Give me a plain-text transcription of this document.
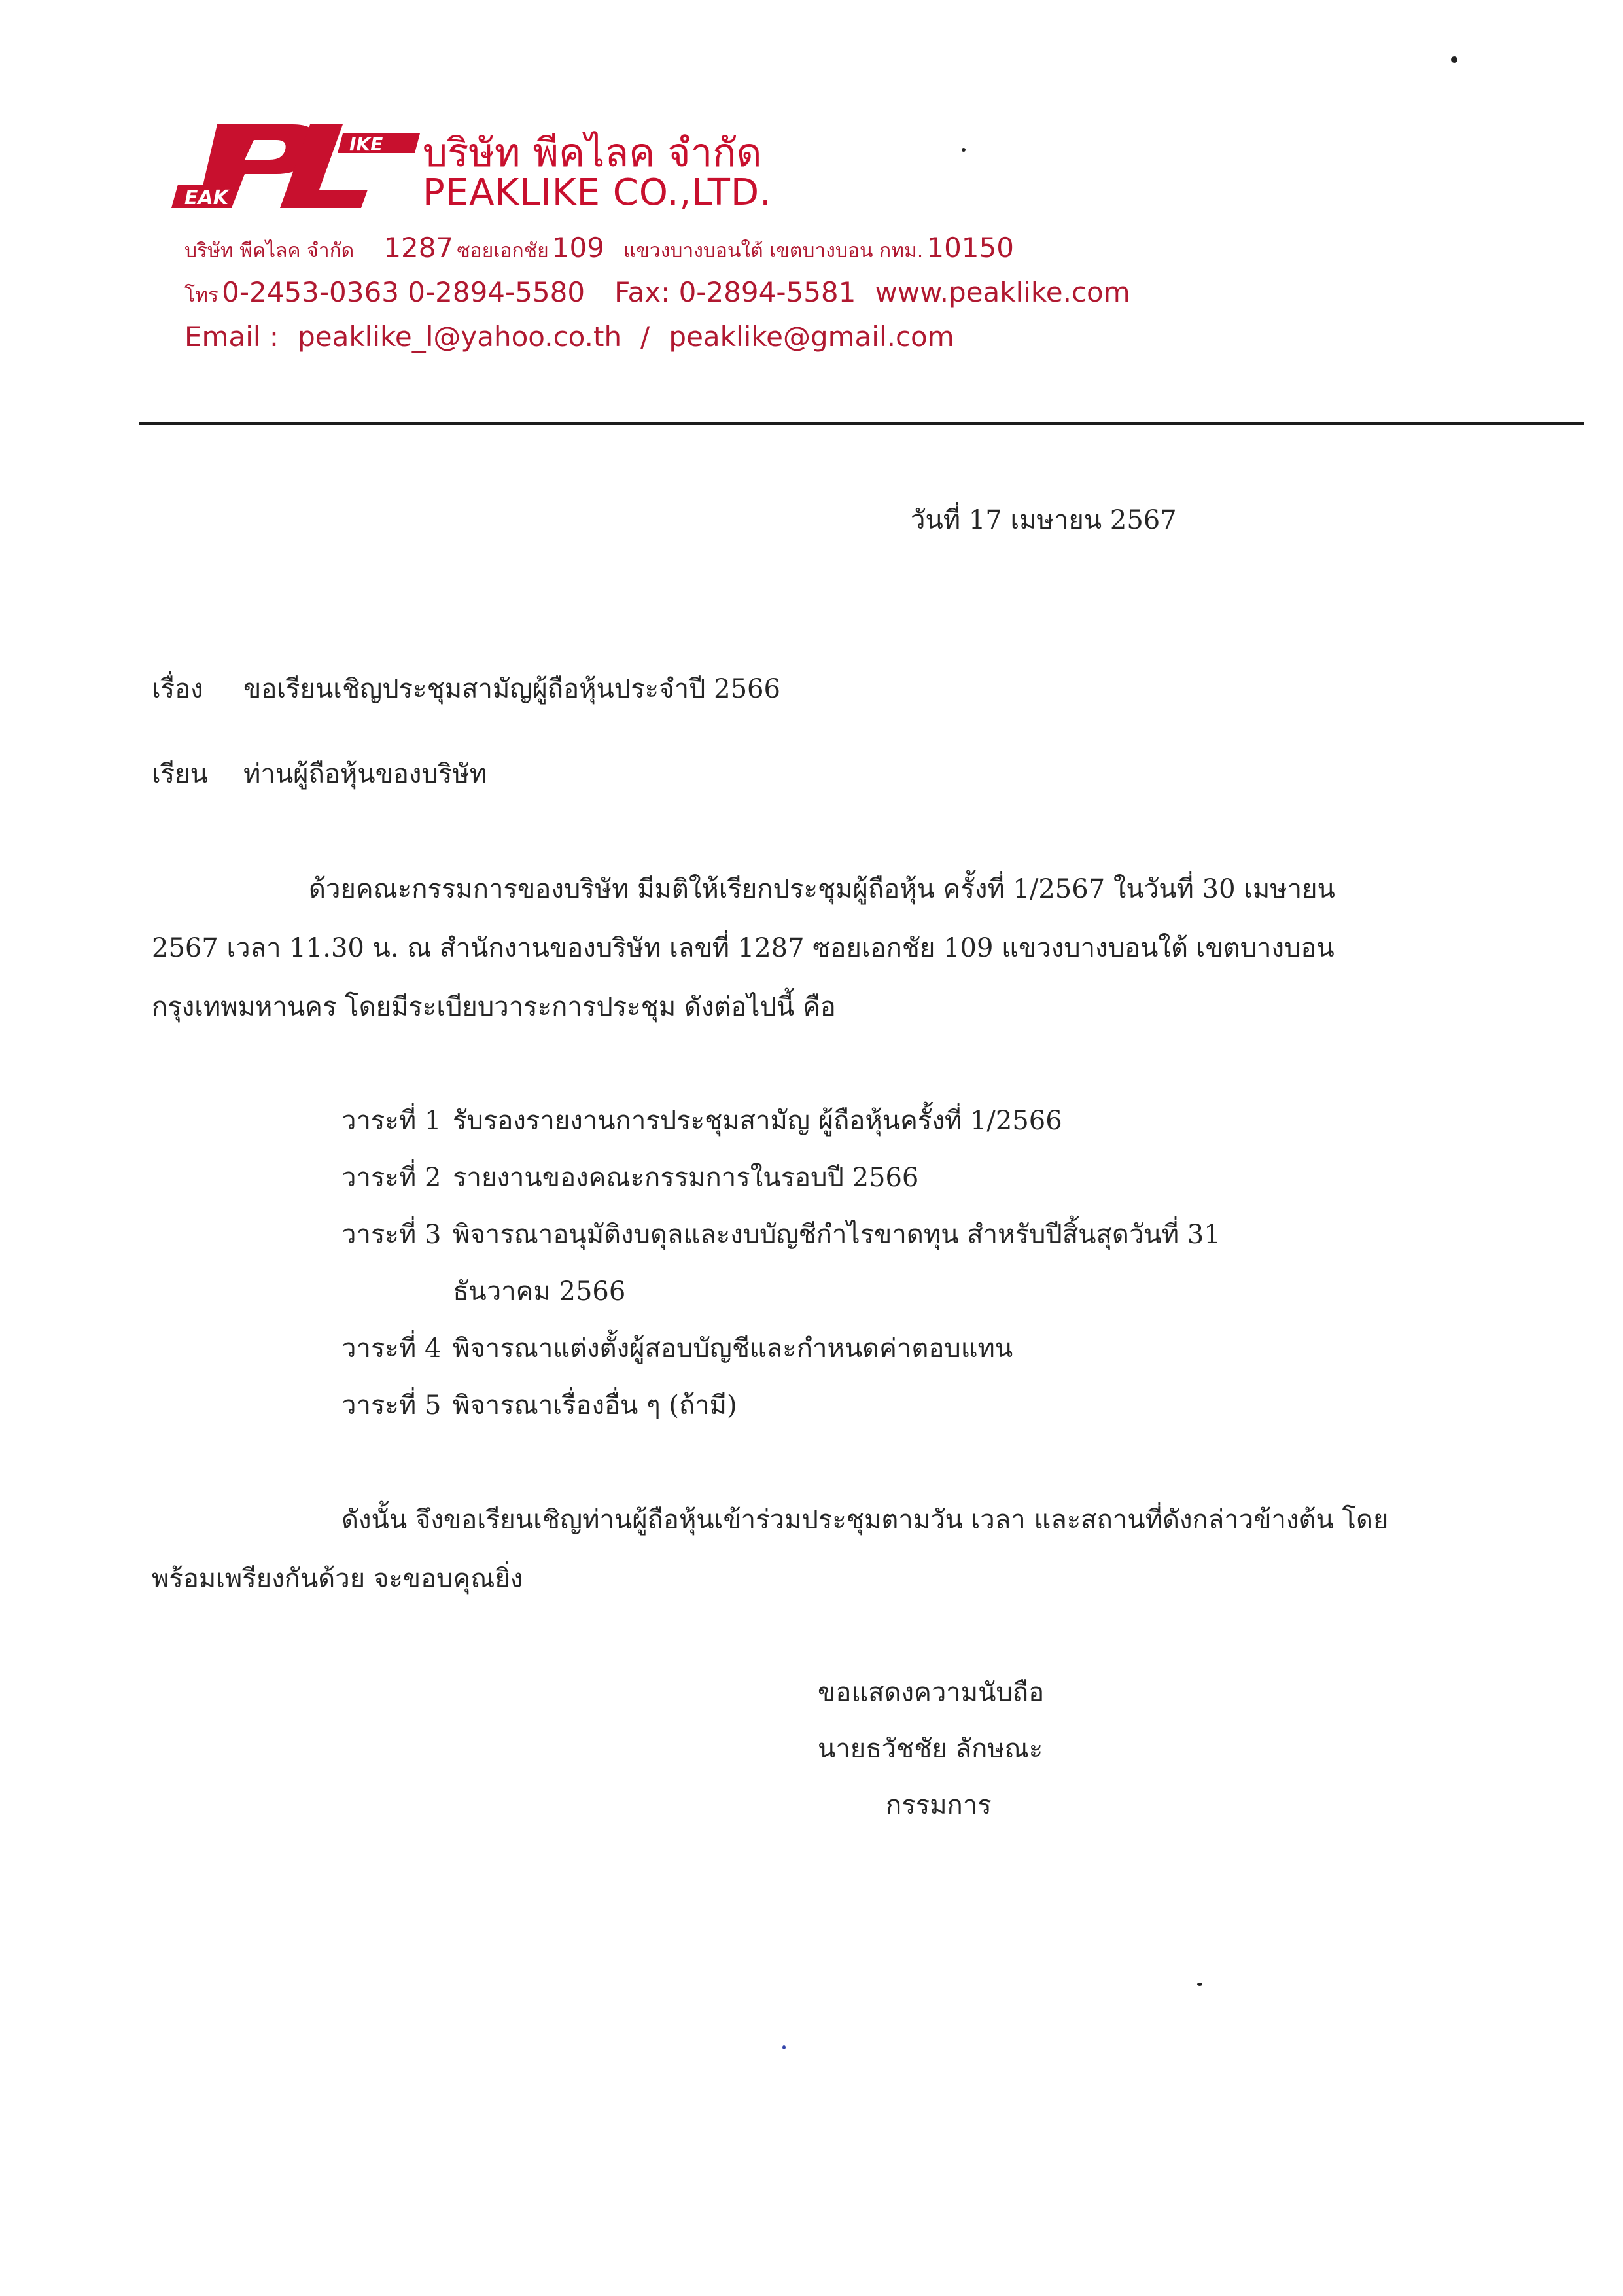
EAK
IKE บริษัท พีคไลค จำกัด
PEAKLIKE CO.,LTD.
บริษัท พีคไลค จำกัด 1287 ซอยเอกชัย 109 แขวงบางบอนใต้ เขตบางบอน กทม. 10150
โทร 0-2453-0363 0-2894-5580 Fax: 0-2894-5581 www.peaklike.com
Email : peaklike_l@yahoo.co.th / peaklike@gmail.com
วันที่ 17 เมษายน 2567
เรื่อง ขอเรียนเชิญประชุมสามัญผู้ถือหุ้นประจำปี 2566
เรียน ท่านผู้ถือหุ้นของบริษัท
ด้วยคณะกรรมการของบริษัท มีมติให้เรียกประชุมผู้ถือหุ้น ครั้งที่ 1/2567 ในวันที่ 30 เมษายน
2567 เวลา 11.30 น. ณ สำนักงานของบริษัท เลขที่ 1287 ซอยเอกชัย 109 แขวงบางบอนใต้ เขตบางบอน
กรุงเทพมหานคร โดยมีระเบียบวาระการประชุม ดังต่อไปนี้ คือ
วาระที่ 1 รับรองรายงานการประชุมสามัญ ผู้ถือหุ้นครั้งที่ 1/2566
วาระที่ 2 รายงานของคณะกรรมการในรอบปี 2566
วาระที่ 3 พิจารณาอนุมัติงบดุลและงบบัญชีกำไรขาดทุน สำหรับปีสิ้นสุดวันที่ 31
ธันวาคม 2566
วาระที่ 4 พิจารณาแต่งตั้งผู้สอบบัญชีและกำหนดค่าตอบแทน
วาระที่ 5 พิจารณาเรื่องอื่น ๆ (ถ้ามี)
ดังนั้น จึงขอเรียนเชิญท่านผู้ถือหุ้นเข้าร่วมประชุมตามวัน เวลา และสถานที่ดังกล่าวข้างต้น โดย
พร้อมเพรียงกันด้วย จะขอบคุณยิ่ง
ขอแสดงความนับถือ
นายธวัชชัย ลักษณะ
กรรมการ
